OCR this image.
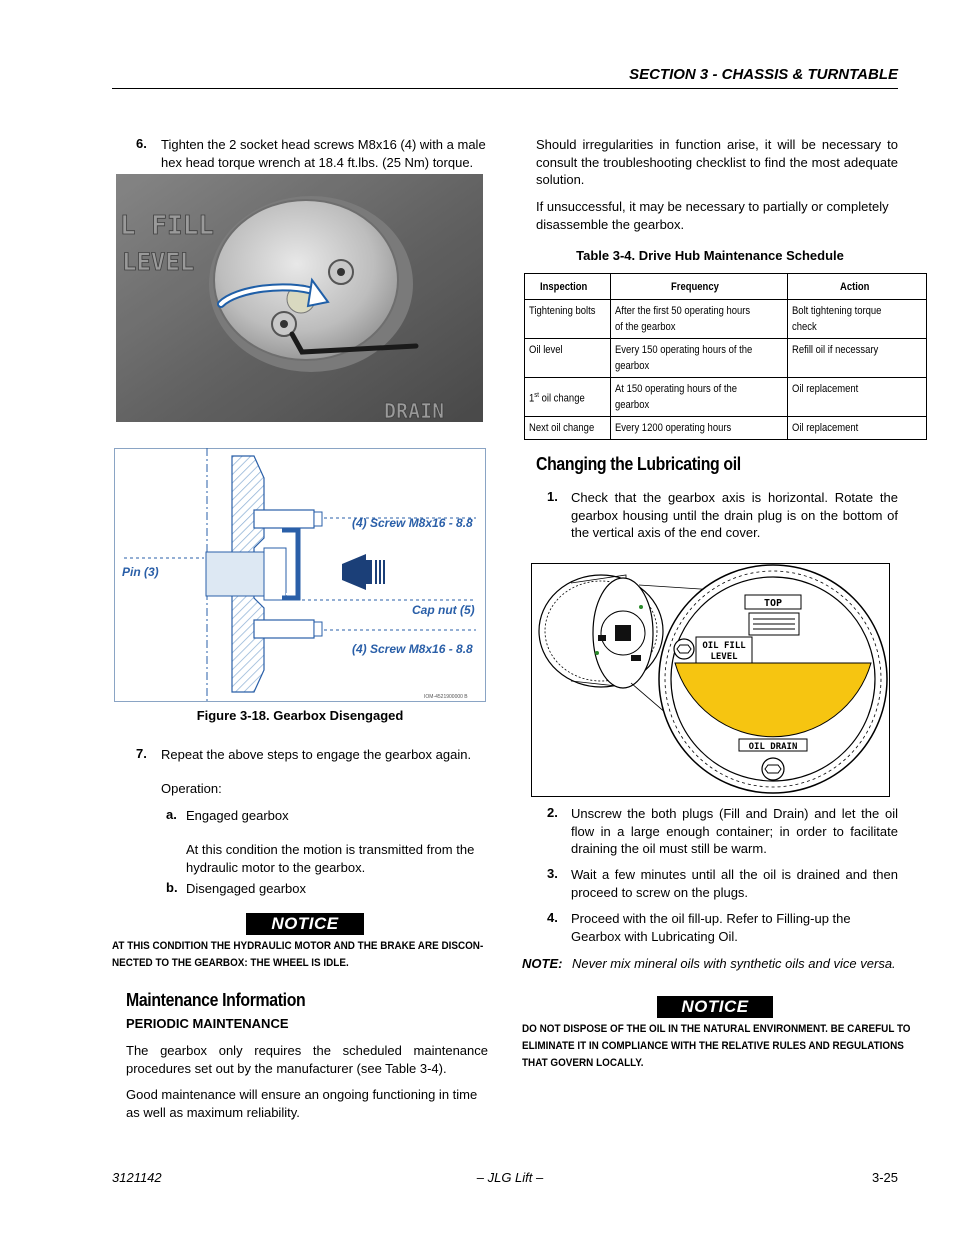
SECTION 3 - CHASSIS & TURNTABLE
6. Tighten the 2 socket head screws M8x16 (4) with a male hex head torque wrench at 18.4 ft.lbs. (25 Nm) torque.
L FILL
LEVEL
DRAIN
(4) Screw M8x16 - 8.8
Pin (3)
Cap nut (5)
(4) Screw M8x16 - 8.8
IOM-4521900000 B
Figure 3-18. Gearbox Disengaged
7. Repeat the above steps to engage the gearbox again.
Operation:
a. Engaged gearbox
At this condition the motion is transmitted from the hydraulic motor to the gearbox.
b. Disengaged gearbox
NOTICE
AT THIS CONDITION THE HYDRAULIC MOTOR AND THE BRAKE ARE DISCON-
NECTED TO THE GEARBOX: THE WHEEL IS IDLE.
Maintenance Information
PERIODIC MAINTENANCE
The gearbox only requires the scheduled maintenance procedures set out by the manufacturer (see Table 3-4).
Good maintenance will ensure an ongoing functioning in time as well as maximum reliability.
Should irregularities in function arise, it will be necessary to consult the troubleshooting checklist to find the most adequate solution.
If unsuccessful, it may be necessary to partially or completely disassemble the gearbox.
Table 3-4. Drive Hub Maintenance Schedule
Inspection	Frequency	Action
Tightening bolts	After the first 50 operating hours of the gearbox	Bolt tightening torque check
Oil level	Every 150 operating hours of the gearbox	Refill oil if necessary
1st oil change	At 150 operating hours of the gearbox	Oil replacement
Next oil change	Every 1200 operating hours	Oil replacement
Changing the Lubricating oil
1. Check that the gearbox axis is horizontal. Rotate the gearbox housing until the drain plug is on the bottom of the vertical axis of the end cover.
OIL FILL
LEVEL
TOP
OIL DRAIN
2. Unscrew the both plugs (Fill and Drain) and let the oil flow in a large enough container; in order to facilitate draining the oil must still be warm.
3. Wait a few minutes until all the oil is drained and then proceed to screw on the plugs.
4. Proceed with the oil fill-up. Refer to Filling-up the Gearbox with Lubricating Oil.
NOTE: Never mix mineral oils with synthetic oils and vice versa.
NOTICE
DO NOT DISPOSE OF THE OIL IN THE NATURAL ENVIRONMENT. BE CAREFUL TO
ELIMINATE IT IN COMPLIANCE WITH THE RELATIVE RULES AND REGULATIONS
THAT GOVERN LOCALLY.
3121142	– JLG Lift –	3-25
